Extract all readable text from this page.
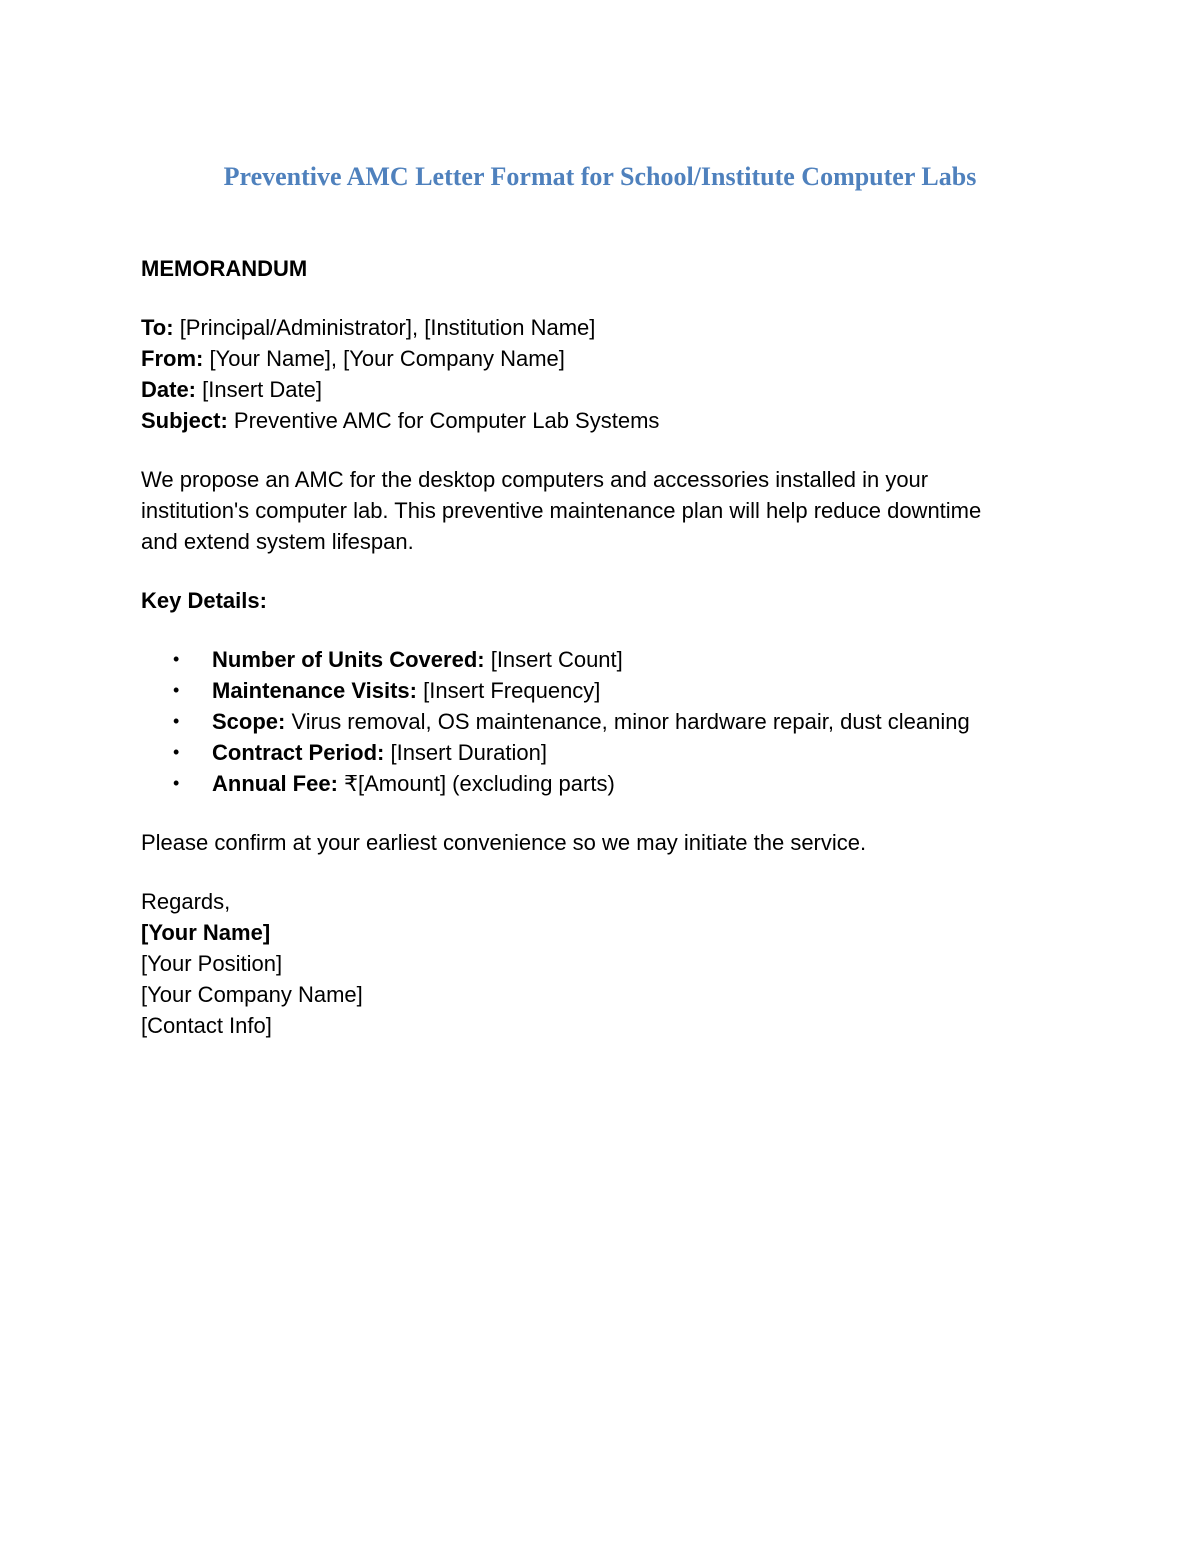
Preventive AMC Letter Format for School/Institute Computer Labs

MEMORANDUM

To: [Principal/Administrator], [Institution Name]

From: [Your Name], [Your Company Name]

Date: [Insert Date]

Subject: Preventive AMC for Computer Lab Systems

We propose an AMC for the desktop computers and accessories installed in your

institution's computer lab. This preventive maintenance plan will help reduce downtime

and extend system lifespan.

Key Details:

• Number of Units Covered: [Insert Count]
• Maintenance Visits: [Insert Frequency]
• Scope: Virus removal, OS maintenance, minor hardware repair, dust cleaning
• Contract Period: [Insert Duration]
• Annual Fee: ₹[Amount] (excluding parts)

Please confirm at your earliest convenience so we may initiate the service.

Regards,

[Your Name]

[Your Position]

[Your Company Name]

[Contact Info]
